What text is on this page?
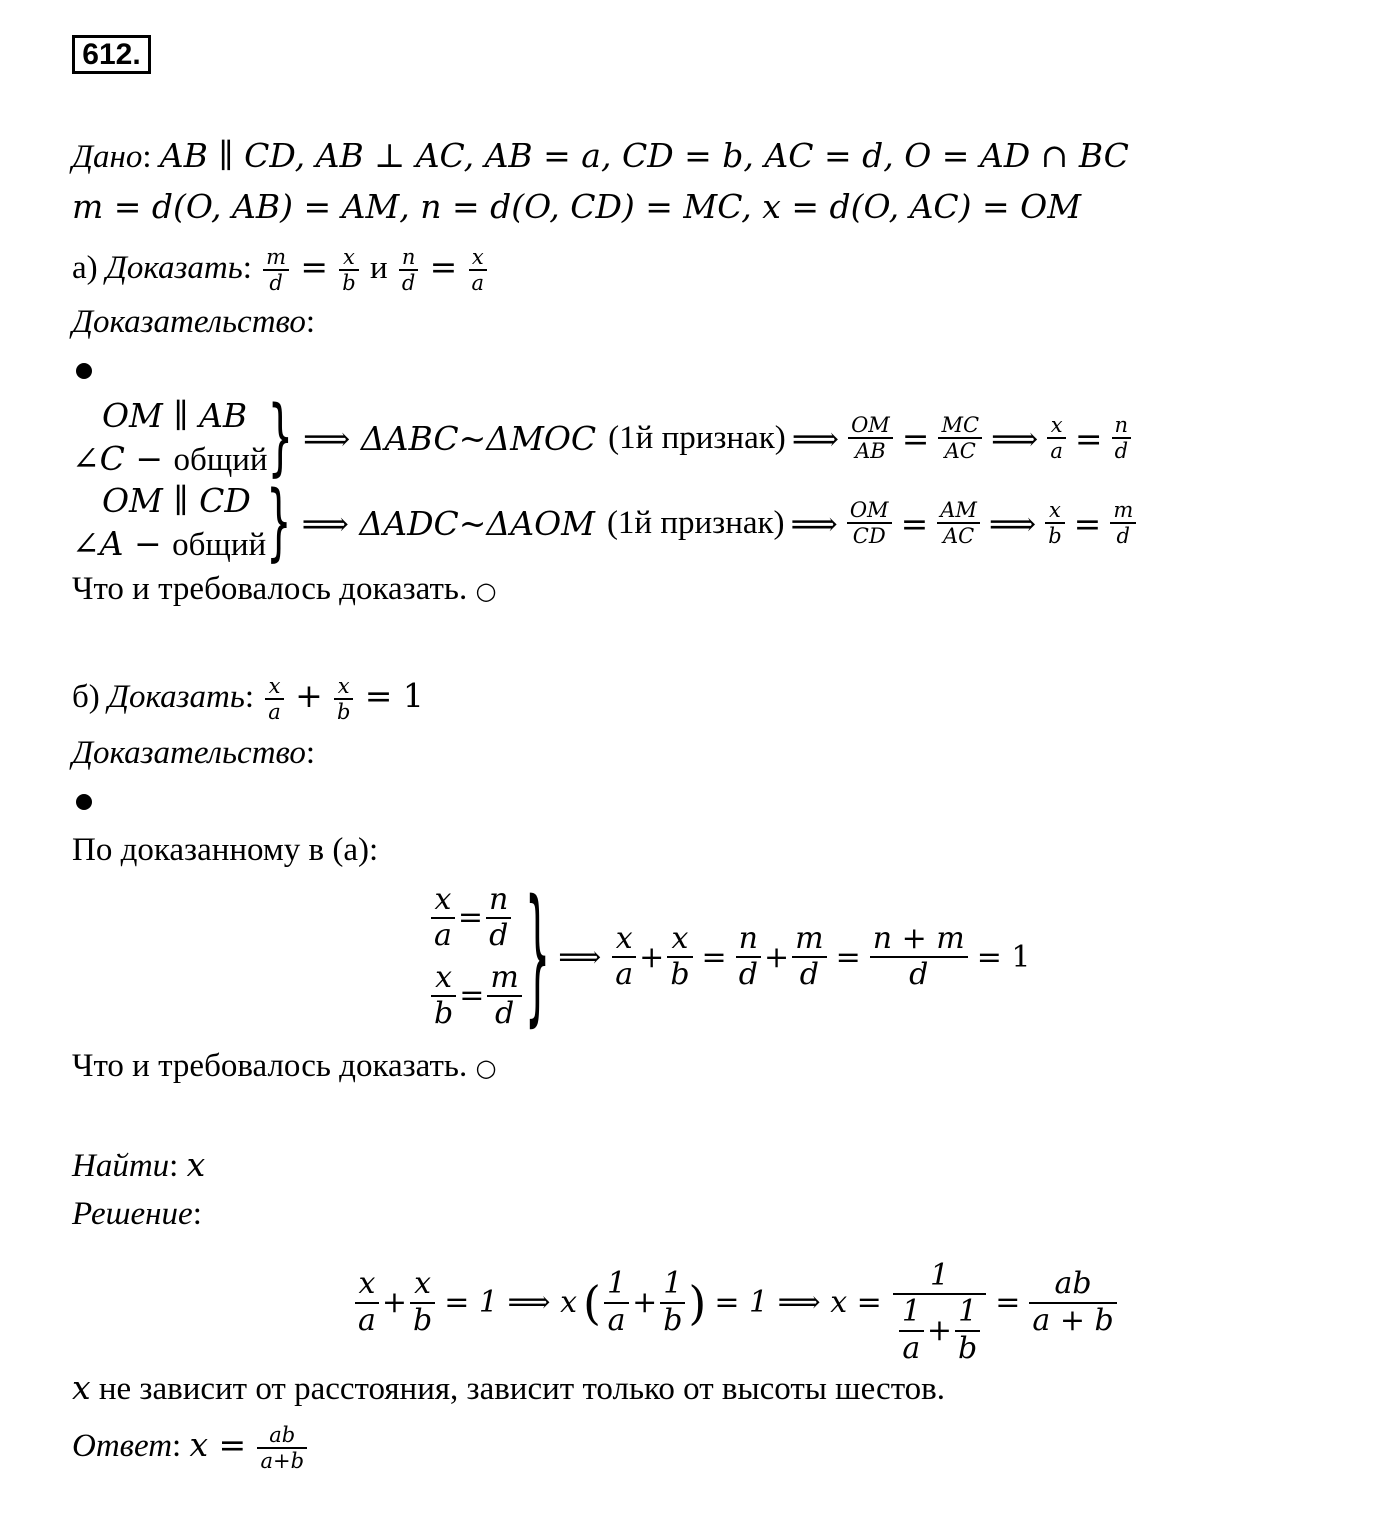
612.
Дано: AB ∥ CD, AB ⊥ AC, AB = a, CD = b, AC = d, O = AD ∩ BC
m = d(O, AB) = AM, n = d(O, CD) = MC, x = d(O, AC) = OM
а) Доказать: $\frac{m}{d} = \frac{x}{b}$ и $\frac{n}{d} = \frac{x}{a}$
Доказательство:
OM ∥ AB
∠C − общий } ⟹ ΔABC~ΔMOC (1й признак) ⟹ $\frac{OM}{AB} = \frac{MC}{AC}$ ⟹ $\frac{x}{a} = \frac{n}{d}$
OM ∥ CD
∠A − общий } ⟹ ΔADC~ΔAOM (1й признак) ⟹ $\frac{OM}{CD} = \frac{AM}{AC}$ ⟹ $\frac{x}{b} = \frac{m}{d}$
Что и требовалось доказать. ○
б) Доказать: $\frac{x}{a} + \frac{x}{b} = 1$
Доказательство:
По доказанному в (а):
$\frac{x}{a} = \frac{n}{d}$
$\frac{x}{b} = \frac{m}{d}$ } ⟹ $\frac{x}{a} + \frac{x}{b} = \frac{n}{d} + \frac{m}{d} = \frac{n + m}{d} = 1$
Что и требовалось доказать. ○
Найти: x
Решение:
$\frac{x}{a} + \frac{x}{b} = 1$ ⟹ x ( $\frac{1}{a} + \frac{1}{b}$ ) = 1 ⟹ $x = \frac{1}{\frac{1}{a} + \frac{1}{b}} = \frac{ab}{a + b}$
x не зависит от расстояния, зависит только от высоты шестов.
Ответ: $x = \frac{ab}{a+b}$
